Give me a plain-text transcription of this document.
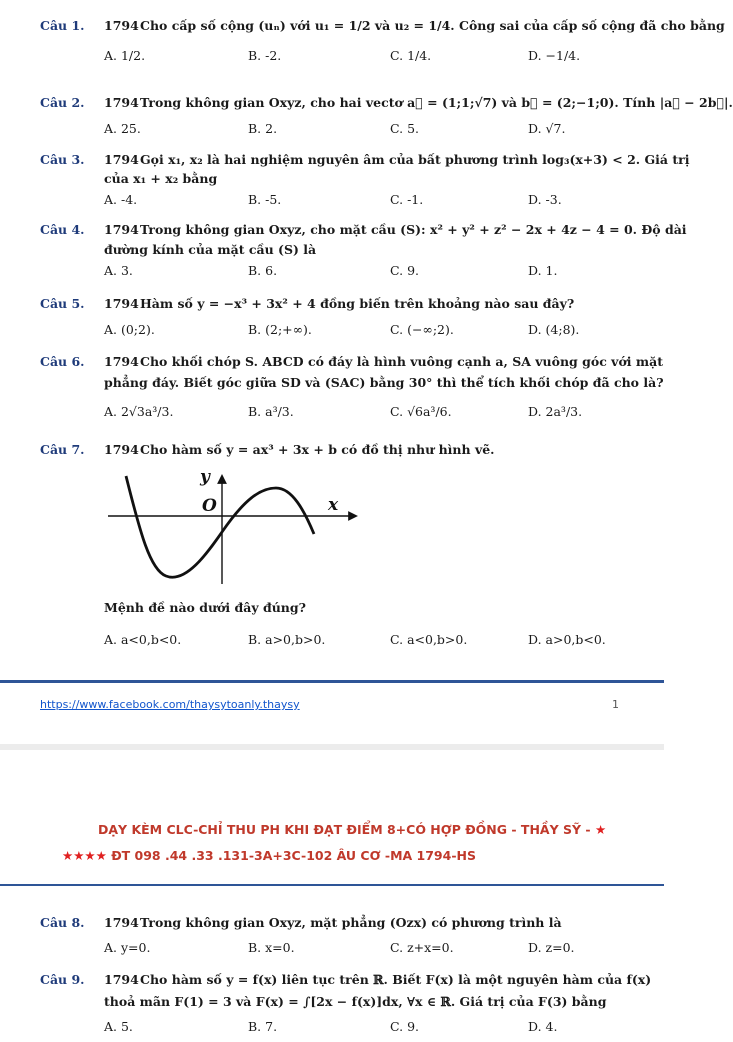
Câu 1. 1794 Cho cấp số cộng (uₙ) với u₁ = 1/2 và u₂ = 1/4. Công sai của cấp số cộng đã cho bằng
A. 1/2.	B. -2.	C. 1/4.	D. −1/4.
Câu 2. 1794 Trong không gian Oxyz, cho hai vectơ a⃗ = (1;1;√7) và b⃗ = (2;−1;0). Tính |a⃗ − 2b⃗|.
A. 25.	B. 2.	C. 5.	D. √7.
Câu 3. 1794 Gọi x₁, x₂ là hai nghiệm nguyên âm của bất phương trình log₃(x+3) < 2. Giá trị
của x₁ + x₂ bằng
A. -4.	B. -5.	C. -1.	D. -3.
Câu 4. 1794 Trong không gian Oxyz, cho mặt cầu (S): x² + y² + z² − 2x + 4z − 4 = 0. Độ dài
đường kính của mặt cầu (S) là
A. 3.	B. 6.	C. 9.	D. 1.
Câu 5. 1794 Hàm số y = −x³ + 3x² + 4 đồng biến trên khoảng nào sau đây?
A. (0;2).	B. (2;+∞).	C. (−∞;2).	D. (4;8).
Câu 6. 1794 Cho khối chóp S. ABCD có đáy là hình vuông cạnh a, SA vuông góc với mặt
phẳng đáy. Biết góc giữa SD và (SAC) bằng 30° thì thể tích khối chóp đã cho là?
A. 2√3a³/3.	B. a³/3.	C. √6a³/6.	D. 2a³/3.
Câu 7. 1794 Cho hàm số y = ax³ + 3x + b có đồ thị như hình vẽ.
y
O	x
Mệnh đề nào dưới đây đúng?
A. a<0,b<0.	B. a>0,b>0.	C. a<0,b>0.	D. a>0,b<0.
https://www.facebook.com/thaysytoanly.thaysy	1
DẠY KÈM CLC-CHỈ THU PH KHI ĐẠT ĐIỂM 8+CÓ HỢP ĐỒNG - THẦY SỸ - ★
★★★★ ĐT 098 .44 .33 .131-3A+3C-102 ÂU CƠ -MA 1794-HS
Câu 8. 1794 Trong không gian Oxyz, mặt phẳng (Ozx) có phương trình là
A. y=0.	B. x=0.	C. z+x=0.	D. z=0.
Câu 9. 1794 Cho hàm số y = f(x) liên tục trên ℝ. Biết F(x) là một nguyên hàm của f(x)
thoả mãn F(1) = 3 và F(x) = ∫[2x − f(x)]dx, ∀x ∈ ℝ. Giá trị của F(3) bằng
A. 5.	B. 7.	C. 9.	D. 4.
